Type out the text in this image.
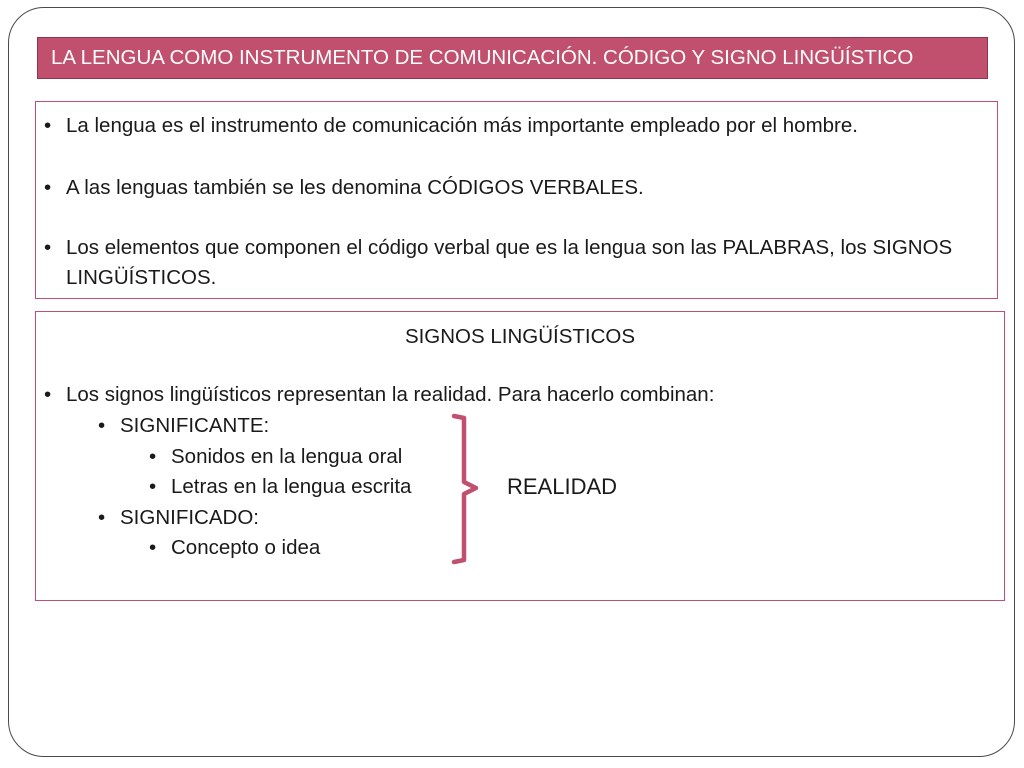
LA LENGUA COMO INSTRUMENTO DE COMUNICACIÓN. CÓDIGO Y SIGNO LINGÜÍSTICO
• La lengua es el instrumento de comunicación más importante empleado por el hombre.
• A las lenguas también se les denomina CÓDIGOS VERBALES.
• Los elementos que componen el código verbal que es la lengua son las PALABRAS, los SIGNOS LINGÜÍSTICOS.
SIGNOS LINGÜÍSTICOS
• Los signos lingüísticos representan la realidad. Para hacerlo combinan:
• SIGNIFICANTE:
• Sonidos en la lengua oral
• Letras en la lengua escrita
• SIGNIFICADO:
• Concepto o idea
REALIDAD
